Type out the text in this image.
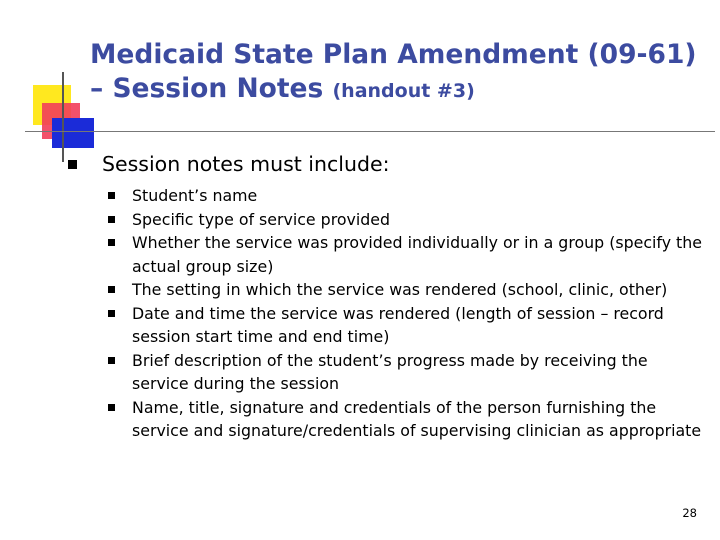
Medicaid State Plan Amendment (09-61) – Session Notes (handout #3)
Session notes must include:
Student’s name
Specific type of service provided
Whether the service was provided individually or in a group (specify the actual group size)
The setting in which the service was rendered (school, clinic, other)
Date and time the service was rendered (length of session – record session start time and end time)
Brief description of the student’s progress made by receiving the service during the session
Name, title, signature and credentials of the person furnishing the service and signature/credentials of supervising clinician as appropriate
28
